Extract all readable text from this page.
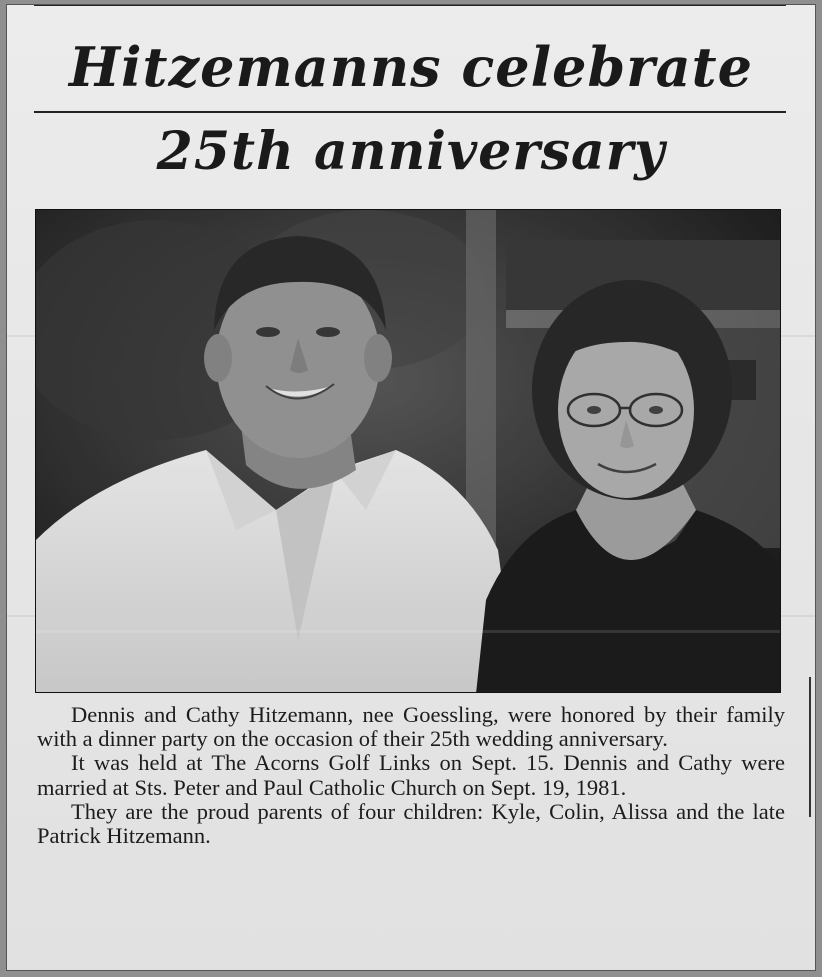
Hitzemanns celebrate
25th anniversary

Dennis and Cathy Hitzemann, nee Goessling, were honored by their family with a dinner party on the occasion of their 25th wedding anniversary.

It was held at The Acorns Golf Links on Sept. 15. Dennis and Cathy were married at Sts. Peter and Paul Catholic Church on Sept. 19, 1981.

They are the proud parents of four children: Kyle, Colin, Alissa and the late Patrick Hitzemann.
